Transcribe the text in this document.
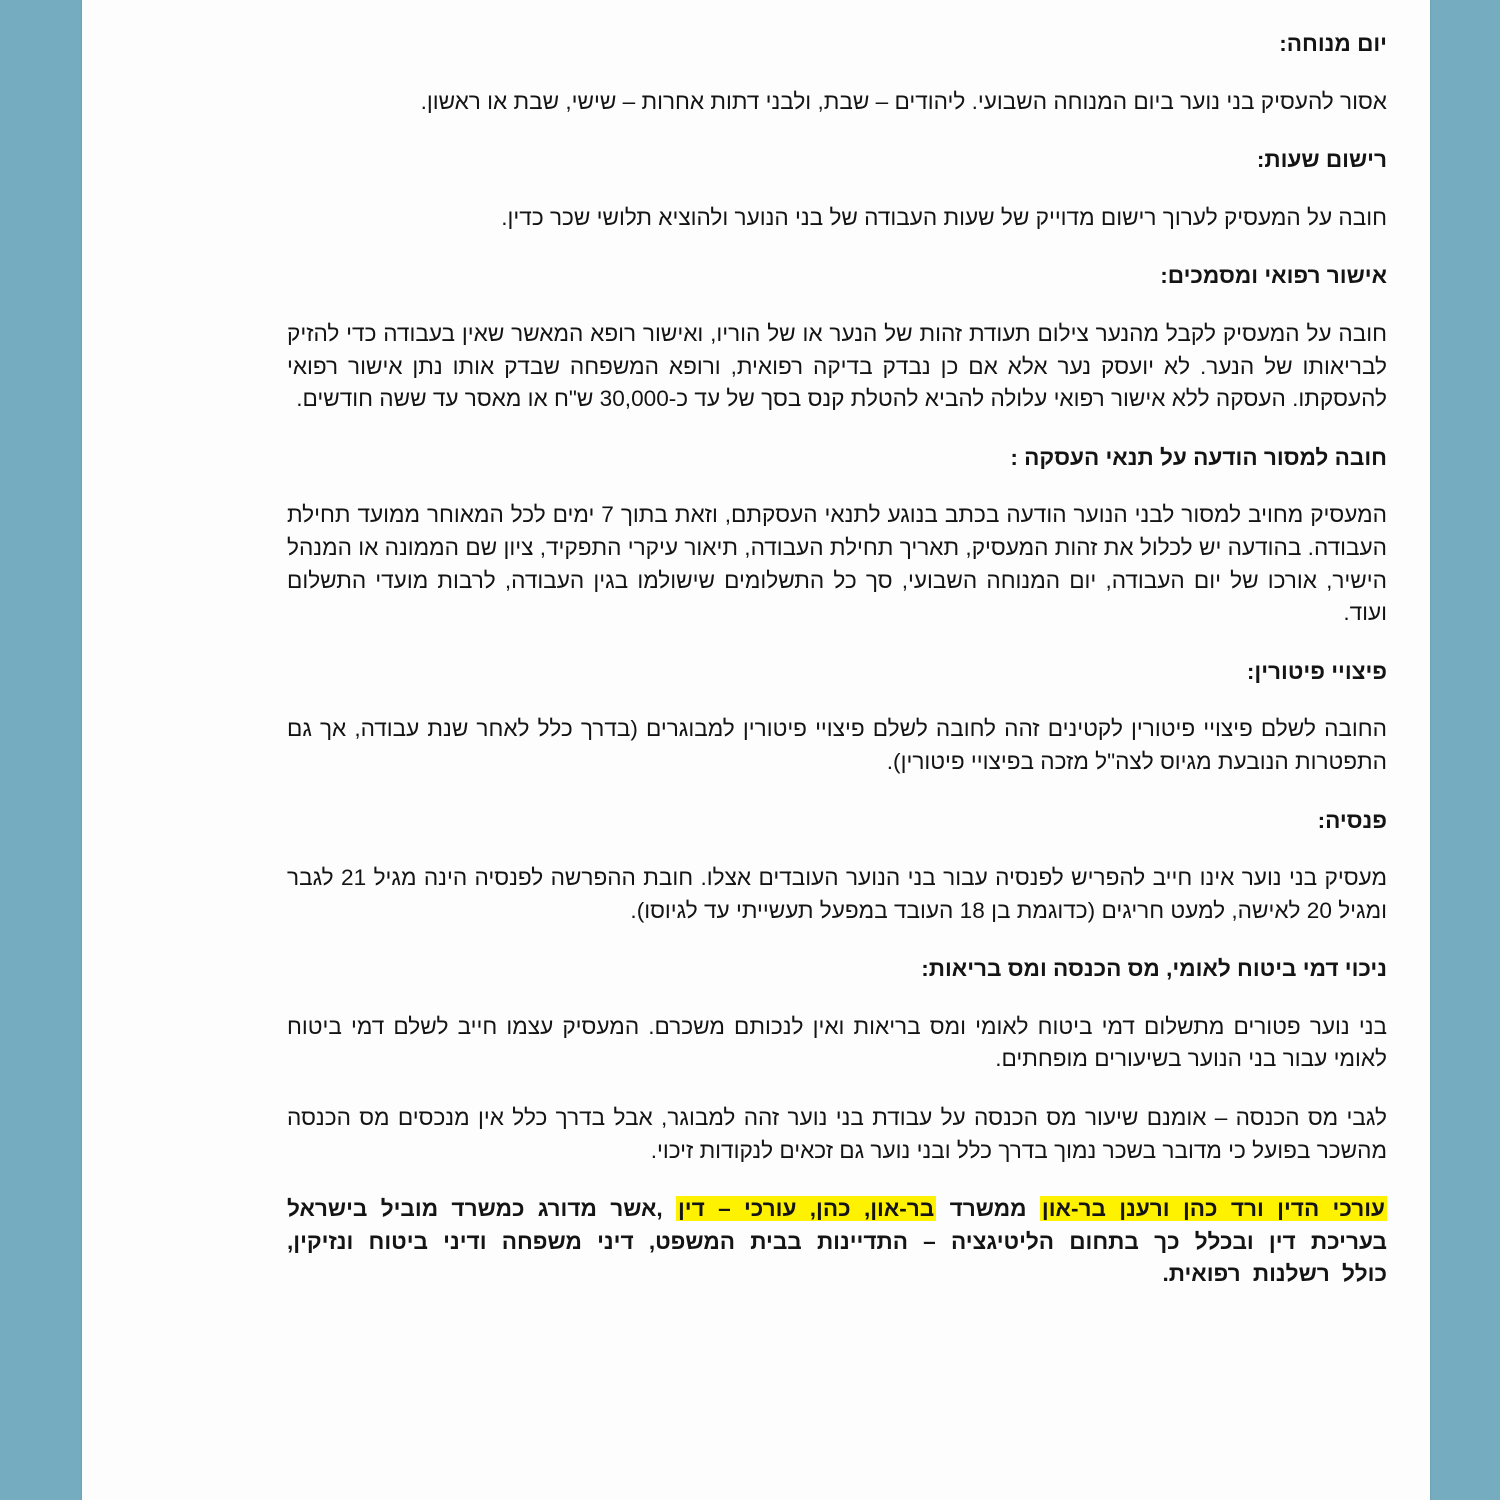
יום מנוחה:
אסור להעסיק בני נוער ביום המנוחה השבועי. ליהודים – שבת, ולבני דתות אחרות – שישי, שבת או ראשון.
רישום שעות:
חובה על המעסיק לערוך רישום מדוייק של שעות העבודה של בני הנוער ולהוציא תלושי שכר כדין.
אישור רפואי ומסמכים:
חובה על המעסיק לקבל מהנער צילום תעודת זהות של הנער או של הוריו, ואישור רופא המאשר שאין בעבודה כדי להזיק לבריאותו של הנער. לא יועסק נער אלא אם כן נבדק בדיקה רפואית, ורופא המשפחה שבדק אותו נתן אישור רפואי להעסקתו. העסקה ללא אישור רפואי עלולה להביא להטלת קנס בסך של עד כ-30,000 ש"ח או מאסר עד ששה חודשים.
חובה למסור הודעה על תנאי העסקה :
המעסיק מחויב למסור לבני הנוער הודעה בכתב בנוגע לתנאי העסקתם, וזאת בתוך 7 ימים לכל המאוחר ממועד תחילת העבודה. בהודעה יש לכלול את זהות המעסיק, תאריך תחילת העבודה, תיאור עיקרי התפקיד, ציון שם הממונה או המנהל הישיר, אורכו של יום העבודה, יום המנוחה השבועי, סך כל התשלומים שישולמו בגין העבודה, לרבות מועדי התשלום ועוד.
פיצויי פיטורין:
החובה לשלם פיצויי פיטורין לקטינים זהה לחובה לשלם פיצויי פיטורין למבוגרים (בדרך כלל לאחר שנת עבודה, אך גם התפטרות הנובעת מגיוס לצה"ל מזכה בפיצויי פיטורין).
פנסיה:
מעסיק בני נוער אינו חייב להפריש לפנסיה עבור בני הנוער העובדים אצלו. חובת ההפרשה לפנסיה הינה מגיל 21 לגבר ומגיל 20 לאישה, למעט חריגים (כדוגמת בן 18 העובד במפעל תעשייתי עד לגיוסו).
ניכוי דמי ביטוח לאומי, מס הכנסה ומס בריאות:
בני נוער פטורים מתשלום דמי ביטוח לאומי ומס בריאות ואין לנכותם משכרם. המעסיק עצמו חייב לשלם דמי ביטוח לאומי עבור בני הנוער בשיעורים מופחתים.
לגבי מס הכנסה – אומנם שיעור מס הכנסה על עבודת בני נוער זהה למבוגר, אבל בדרך כלל אין מנכסים מס הכנסה מהשכר בפועל כי מדובר בשכר נמוך בדרך כלל ובני נוער גם זכאים לנקודות זיכוי.
עורכי הדין ורד כהן ורענן בר-און ממשרד בר-און, כהן, עורכי – דין ,אשר מדורג כמשרד מוביל בישראל בעריכת דין ובכלל כך בתחום הליטיגציה – התדיינות בבית המשפט, דיני משפחה ודיני ביטוח ונזיקין, כולל רשלנות רפואית.
